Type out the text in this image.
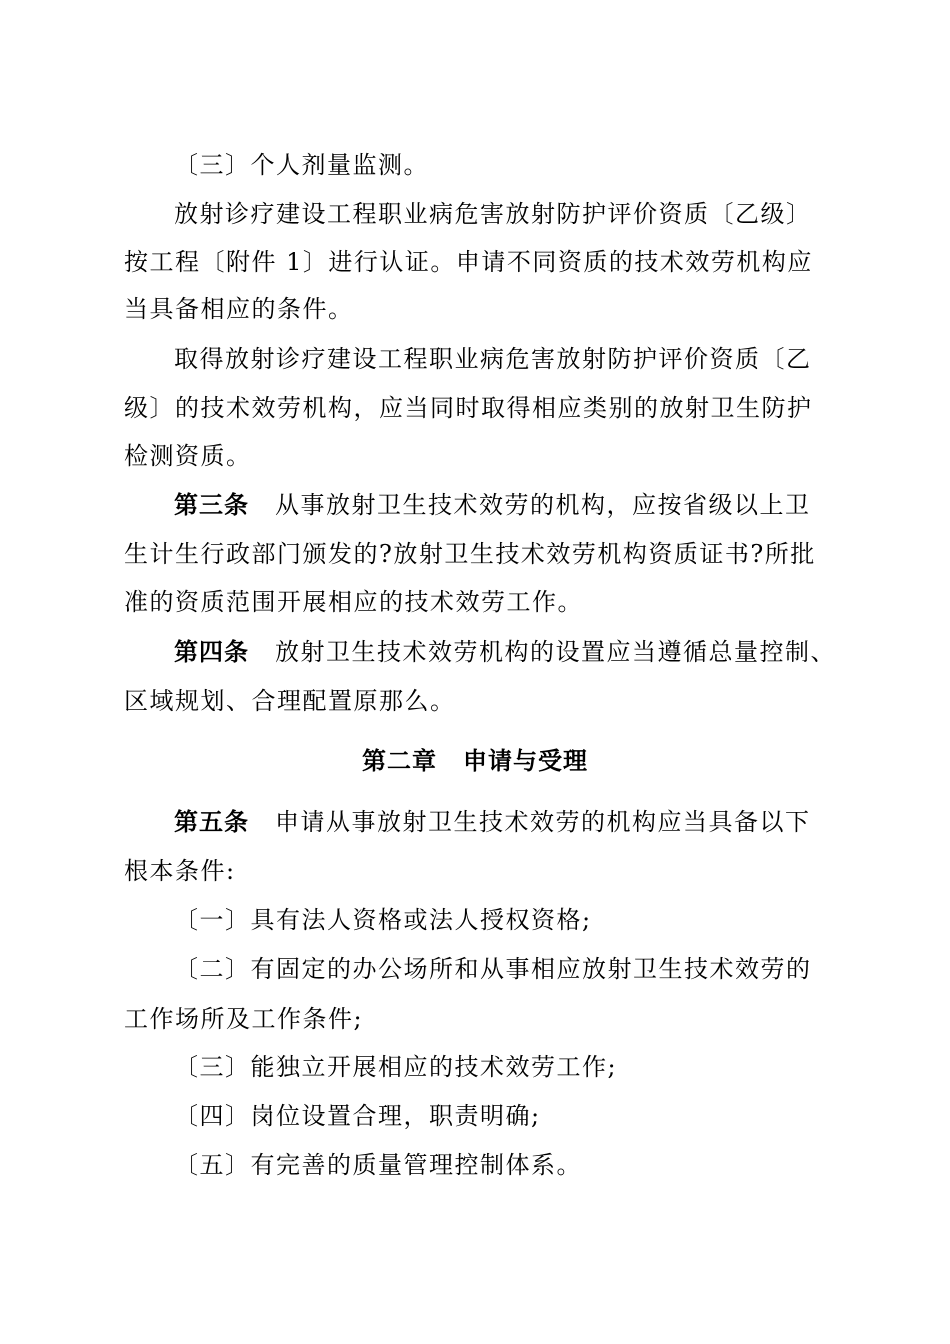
〔三〕个人剂量监测。
放射诊疗建设工程职业病危害放射防护评价资质〔乙级〕
按工程〔附件 1〕进行认证。申请不同资质的技术效劳机构应
当具备相应的条件。
取得放射诊疗建设工程职业病危害放射防护评价资质〔乙
级〕的技术效劳机构，应当同时取得相应类别的放射卫生防护
检测资质。
第三条 从事放射卫生技术效劳的机构，应按省级以上卫
生计生行政部门颁发的?放射卫生技术效劳机构资质证书?所批
准的资质范围开展相应的技术效劳工作。
第四条 放射卫生技术效劳机构的设置应当遵循总量控制、
区域规划、合理配置原那么。
第二章 申请与受理
第五条 申请从事放射卫生技术效劳的机构应当具备以下
根本条件:
〔一〕具有法人资格或法人授权资格;
〔二〕有固定的办公场所和从事相应放射卫生技术效劳的
工作场所及工作条件;
〔三〕能独立开展相应的技术效劳工作;
〔四〕岗位设置合理，职责明确;
〔五〕有完善的质量管理控制体系。
